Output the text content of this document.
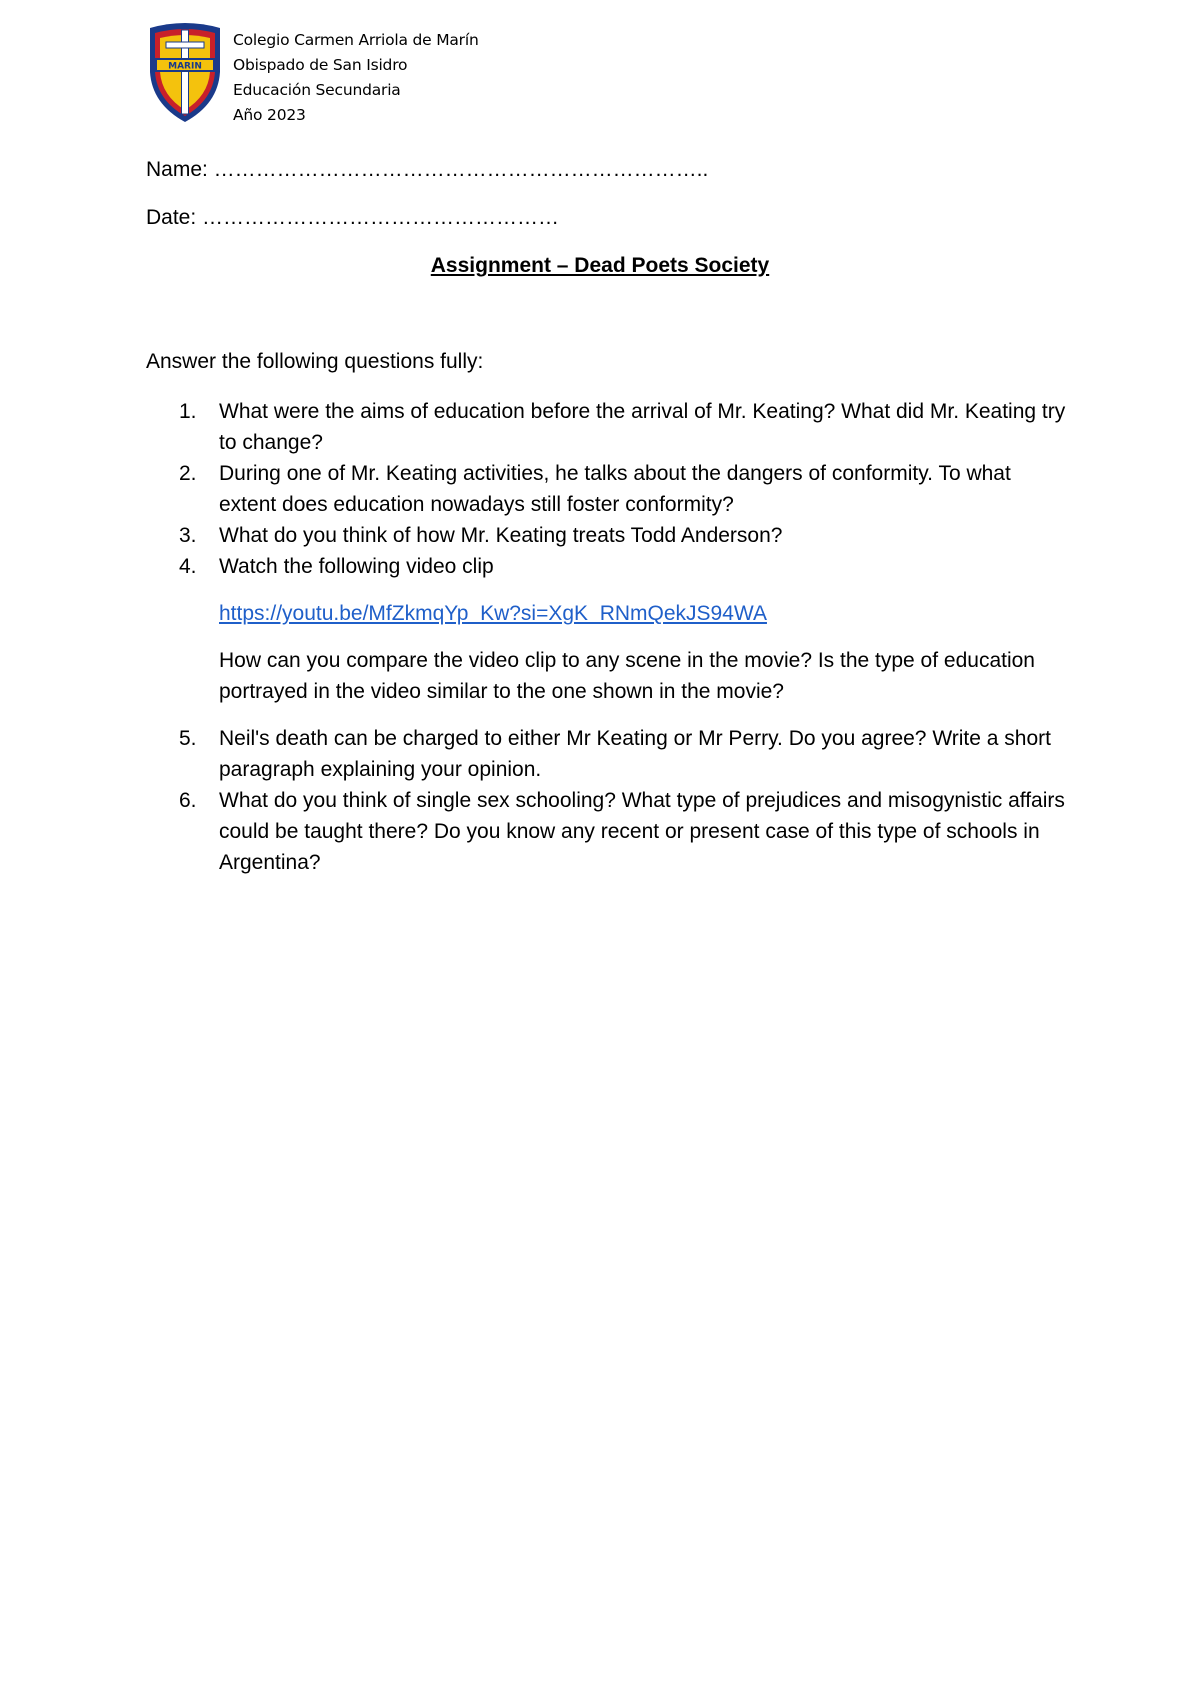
MARIN
Colegio Carmen Arriola de Marín
Obispado de San Isidro
Educación Secundaria
Año 2023
Name: ……………………………………………………………..
Date: ……………………………………………
Assignment – Dead Poets Society
Answer the following questions fully:
1.	What were the aims of education before the arrival of Mr. Keating? What did Mr. Keating try to change?
2.	During one of Mr. Keating activities, he talks about the dangers of conformity. To what extent does education nowadays still foster conformity?
3.	What do you think of how Mr. Keating treats Todd Anderson?
4.	Watch the following video clip
https://youtu.be/MfZkmqYp_Kw?si=XgK_RNmQekJS94WA
How can you compare the video clip to any scene in the movie? Is the type of education portrayed in the video similar to the one shown in the movie?
5.	Neil's death can be charged to either Mr Keating or Mr Perry. Do you agree? Write a short paragraph explaining your opinion.
6.	What do you think of single sex schooling? What type of prejudices and misogynistic affairs could be taught there? Do you know any recent or present case of this type of schools in Argentina?
